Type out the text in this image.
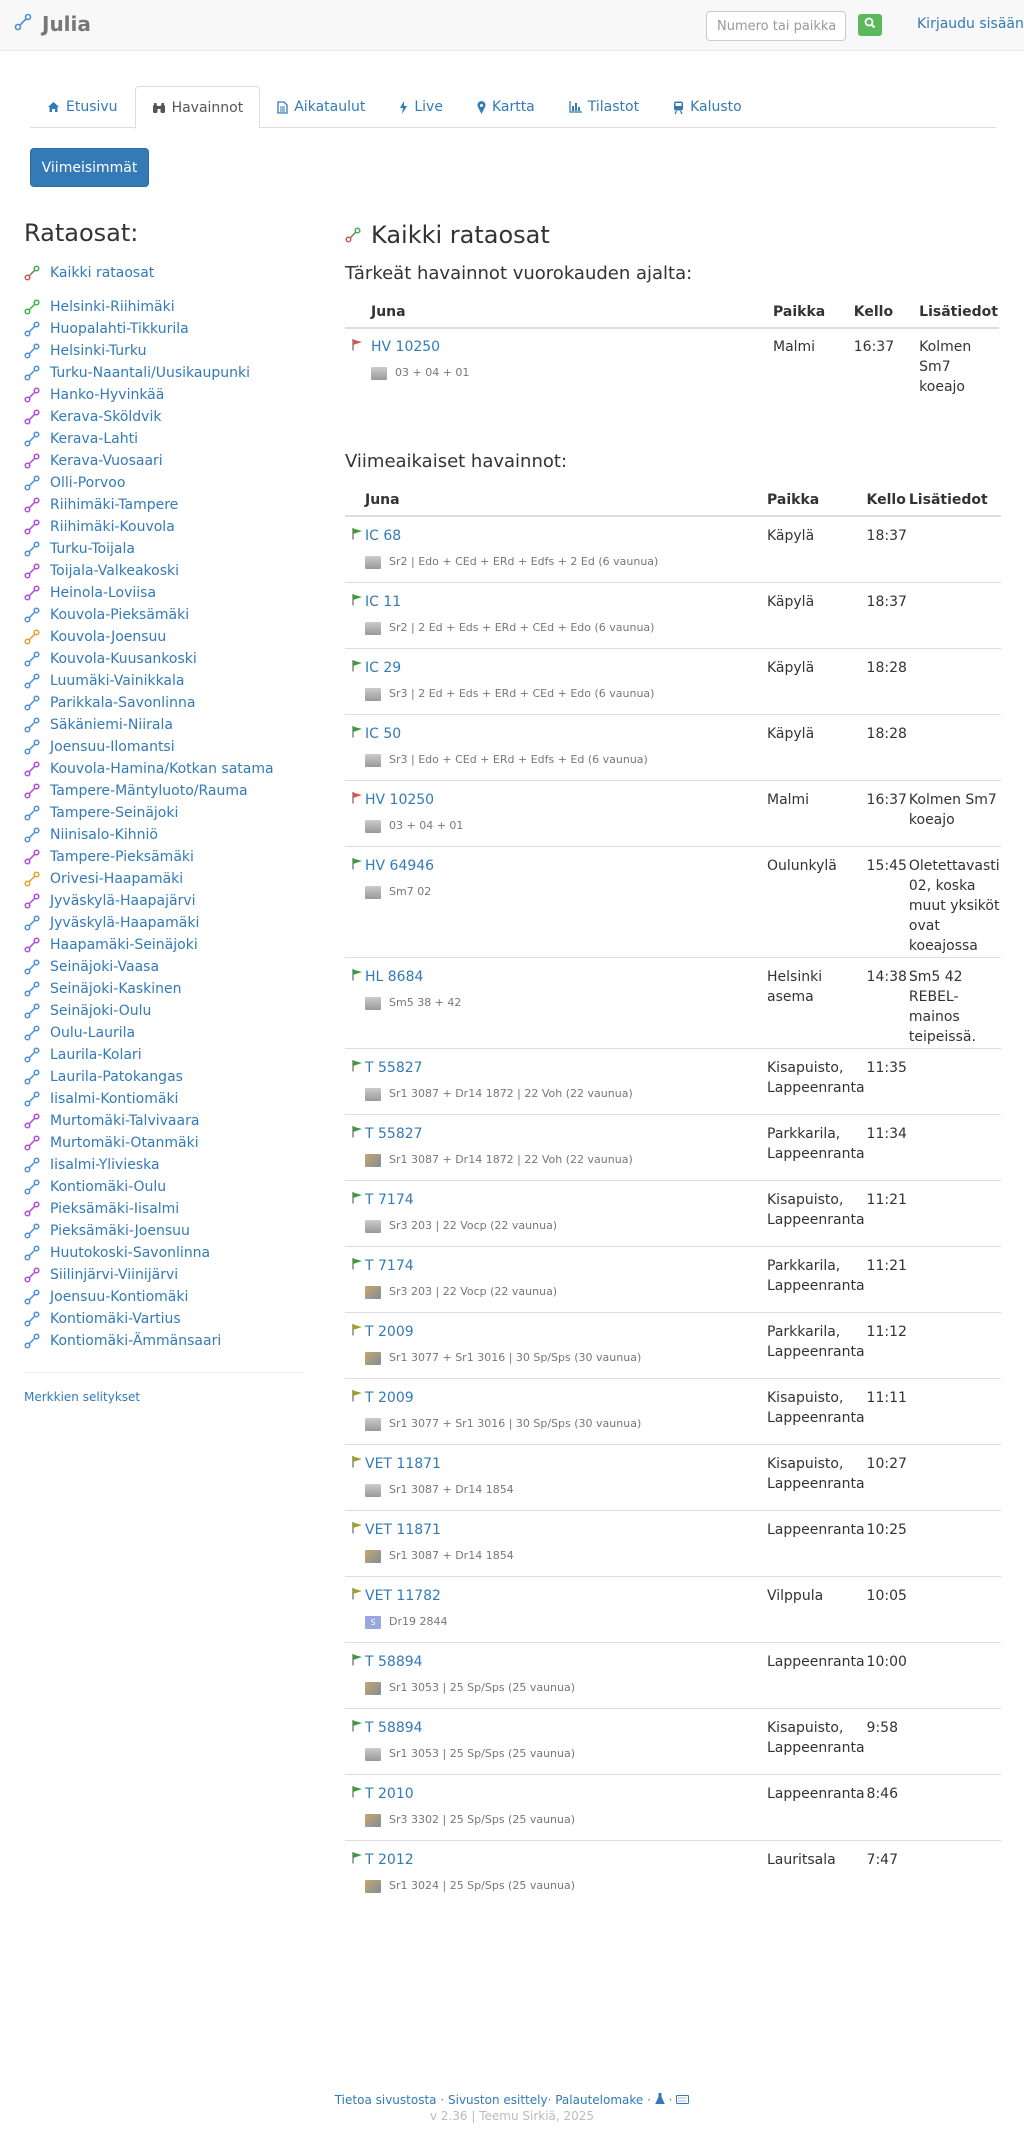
Julia
Numero tai paikka	Kirjaudu sisään
Etusivu	Havainnot	Aikataulut	Live	Kartta	Tilastot	Kalusto
Viimeisimmät
Rataosat:
Kaikki rataosat
Helsinki-Riihimäki
Huopalahti-Tikkurila
Helsinki-Turku
Turku-Naantali/Uusikaupunki
Hanko-Hyvinkää
Kerava-Sköldvik
Kerava-Lahti
Kerava-Vuosaari
Olli-Porvoo
Riihimäki-Tampere
Riihimäki-Kouvola
Turku-Toijala
Toijala-Valkeakoski
Heinola-Loviisa
Kouvola-Pieksämäki
Kouvola-Joensuu
Kouvola-Kuusankoski
Luumäki-Vainikkala
Parikkala-Savonlinna
Säkäniemi-Niirala
Joensuu-Ilomantsi
Kouvola-Hamina/Kotkan satama
Tampere-Mäntyluoto/Rauma
Tampere-Seinäjoki
Niinisalo-Kihniö
Tampere-Pieksämäki
Orivesi-Haapamäki
Jyväskylä-Haapajärvi
Jyväskylä-Haapamäki
Haapamäki-Seinäjoki
Seinäjoki-Vaasa
Seinäjoki-Kaskinen
Seinäjoki-Oulu
Oulu-Laurila
Laurila-Kolari
Laurila-Patokangas
Iisalmi-Kontiomäki
Murtomäki-Talvivaara
Murtomäki-Otanmäki
Iisalmi-Ylivieska
Kontiomäki-Oulu
Pieksämäki-Iisalmi
Pieksämäki-Joensuu
Huutokoski-Savonlinna
Siilinjärvi-Viinijärvi
Joensuu-Kontiomäki
Kontiomäki-Vartius
Kontiomäki-Ämmänsaari
Merkkien selitykset
Kaikki rataosat
Tärkeät havainnot vuorokauden ajalta:
	Juna	Paikka	Kello	Lisätiedot
	HV 10250
03 + 04 + 01	Malmi	16:37	Kolmen Sm7 koeajo
Viimeaikaiset havainnot:
	Juna	Paikka	Kello	Lisätiedot
	IC 68
Sr2 | Edo + CEd + ERd + Edfs + 2 Ed (6 vaunua)	Käpylä	18:37	
	IC 11
Sr2 | 2 Ed + Eds + ERd + CEd + Edo (6 vaunua)	Käpylä	18:37	
	IC 29
Sr3 | 2 Ed + Eds + ERd + CEd + Edo (6 vaunua)	Käpylä	18:28	
	IC 50
Sr3 | Edo + CEd + ERd + Edfs + Ed (6 vaunua)	Käpylä	18:28	
	HV 10250
03 + 04 + 01	Malmi	16:37	Kolmen Sm7 koeajo
	HV 64946
Sm7 02	Oulunkylä	15:45	Oletettavasti 02, koska muut yksiköt ovat koeajossa
	HL 8684
Sm5 38 + 42	Helsinki asema	14:38	Sm5 42 REBEL- mainos teipeissä.
	T 55827
Sr1 3087 + Dr14 1872 | 22 Voh (22 vaunua)	Kisapuisto, Lappeenranta	11:35	
	T 55827
Sr1 3087 + Dr14 1872 | 22 Voh (22 vaunua)	Parkkarila, Lappeenranta	11:34	
	T 7174
Sr3 203 | 22 Vocp (22 vaunua)	Kisapuisto, Lappeenranta	11:21	
	T 7174
Sr3 203 | 22 Vocp (22 vaunua)	Parkkarila, Lappeenranta	11:21	
	T 2009
Sr1 3077 + Sr1 3016 | 30 Sp/Sps (30 vaunua)	Parkkarila, Lappeenranta	11:12	
	T 2009
Sr1 3077 + Sr1 3016 | 30 Sp/Sps (30 vaunua)	Kisapuisto, Lappeenranta	11:11	
	VET 11871
Sr1 3087 + Dr14 1854	Kisapuisto, Lappeenranta	10:27	
	VET 11871
Sr1 3087 + Dr14 1854	Lappeenranta	10:25	
	VET 11782
S Dr19 2844	Vilppula	10:05	
	T 58894
Sr1 3053 | 25 Sp/Sps (25 vaunua)	Lappeenranta	10:00	
	T 58894
Sr1 3053 | 25 Sp/Sps (25 vaunua)	Kisapuisto, Lappeenranta	9:58	
	T 2010
Sr3 3302 | 25 Sp/Sps (25 vaunua)	Lappeenranta	8:46	
	T 2012
Sr1 3024 | 25 Sp/Sps (25 vaunua)	Lauritsala	7:47	
Tietoa sivustosta · Sivuston esittely· Palautelomake · ·
v 2.36 | Teemu Sirkiä, 2025
